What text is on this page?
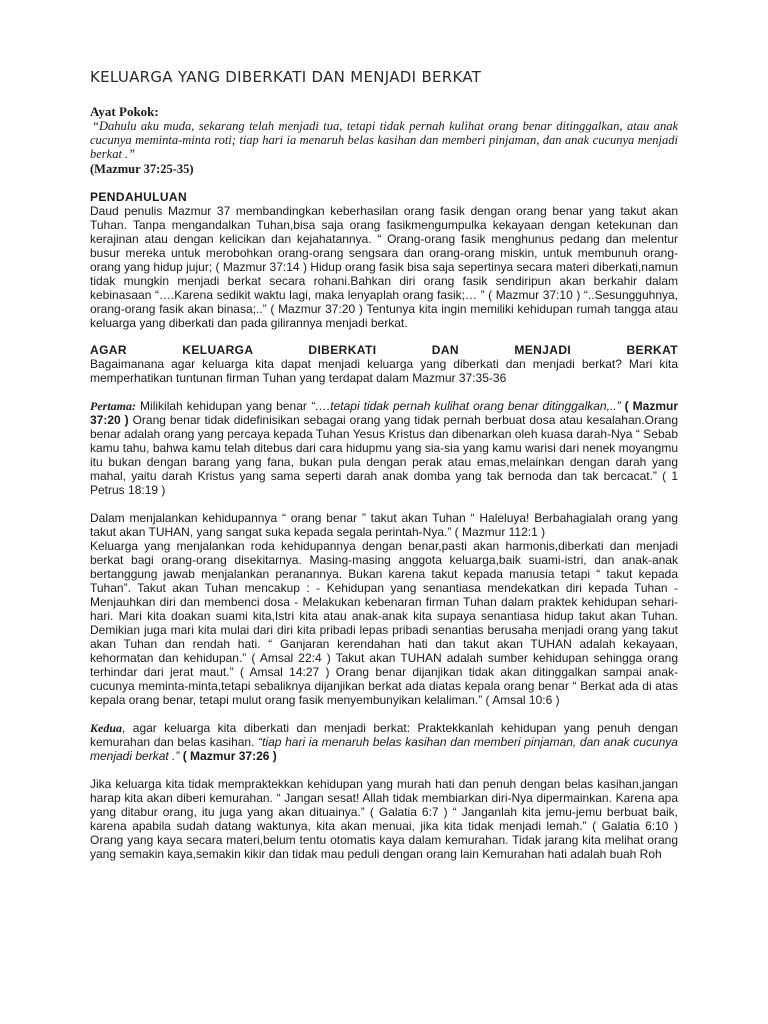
KELUARGA YANG DIBERKATI DAN MENJADI BERKAT

Ayat Pokok:

“Dahulu aku muda, sekarang telah menjadi tua, tetapi tidak pernah kulihat orang benar ditinggalkan, atau anak cucunya meminta-minta roti; tiap hari ia menaruh belas kasihan dan memberi pinjaman, dan anak cucunya menjadi berkat .”

(Mazmur 37:25-35)

PENDAHULUAN

Daud penulis Mazmur 37 membandingkan keberhasilan orang fasik dengan orang benar yang takut akan Tuhan. Tanpa mengandalkan Tuhan,bisa saja orang fasikmengumpulka kekayaan dengan ketekunan dan kerajinan atau dengan kelicikan dan kejahatannya. “ Orang-orang fasik menghunus pedang dan melentur busur mereka untuk merobohkan orang-orang sengsara dan orang-orang miskin, untuk membunuh orang-orang yang hidup jujur; ( Mazmur 37:14 ) Hidup orang fasik bisa saja sepertinya secara materi diberkati,namun tidak mungkin menjadi berkat secara rohani.Bahkan diri orang fasik sendiripun akan berkahir dalam kebinasaan “….Karena sedikit waktu lagi, maka lenyaplah orang fasik;… ” ( Mazmur 37:10 ) “..Sesungguhnya, orang-orang fasik akan binasa;..” ( Mazmur 37:20 ) Tentunya kita ingin memiliki kehidupan rumah tangga atau keluarga yang diberkati dan pada gilirannya menjadi berkat.

AGAR KELUARGA DIBERKATI DAN MENJADI BERKAT

Bagaimanana agar keluarga kita dapat menjadi keluarga yang diberkati dan menjadi berkat? Mari kita memperhatikan tuntunan firman Tuhan yang terdapat dalam Mazmur 37:35-36

Pertama: Milikilah kehidupan yang benar “….tetapi tidak pernah kulihat orang benar ditinggalkan,..” ( Mazmur 37:20 ) Orang benar tidak didefinisikan sebagai orang yang tidak pernah berbuat dosa atau kesalahan.Orang benar adalah orang yang percaya kepada Tuhan Yesus Kristus dan dibenarkan oleh kuasa darah-Nya “ Sebab kamu tahu, bahwa kamu telah ditebus dari cara hidupmu yang sia-sia yang kamu warisi dari nenek moyangmu itu bukan dengan barang yang fana, bukan pula dengan perak atau emas,melainkan dengan darah yang mahal, yaitu darah Kristus yang sama seperti darah anak domba yang tak bernoda dan tak bercacat.” ( 1 Petrus 18:19 )

Dalam menjalankan kehidupannya “ orang benar ” takut akan Tuhan “ Haleluya! Berbahagialah orang yang takut akan TUHAN, yang sangat suka kepada segala perintah-Nya.” ( Mazmur 112:1 )

Keluarga yang menjalankan roda kehidupannya dengan benar,pasti akan harmonis,diberkati dan menjadi berkat bagi orang-orang disekitarnya. Masing-masing anggota keluarga,baik suami-istri, dan anak-anak bertanggung jawab menjalankan peranannya. Bukan karena takut kepada manusia tetapi “ takut kepada Tuhan”. Takut akan Tuhan mencakup : - Kehidupan yang senantiasa mendekatkan diri kepada Tuhan - Menjauhkan diri dan membenci dosa - Melakukan kebenaran firman Tuhan dalam praktek kehidupan sehari-hari. Mari kita doakan suami kita,Istri kita atau anak-anak kita supaya senantiasa hidup takut akan Tuhan. Demikian juga mari kita mulai dari diri kita pribadi lepas pribadi senantias berusaha menjadi orang yang takut akan Tuhan dan rendah hati. “ Ganjaran kerendahan hati dan takut akan TUHAN adalah kekayaan, kehormatan dan kehidupan.” ( Amsal 22:4 ) Takut akan TUHAN adalah sumber kehidupan sehingga orang terhindar dari jerat maut.” ( Amsal 14:27 ) Orang benar dijanjikan tidak akan ditinggalkan sampai anak-cucunya meminta-minta,tetapi sebaliknya dijanjikan berkat ada diatas kepala orang benar “ Berkat ada di atas kepala orang benar, tetapi mulut orang fasik menyembunyikan kelaliman.” ( Amsal 10:6 )

Kedua, agar keluarga kita diberkati dan menjadi berkat: Praktekkanlah kehidupan yang penuh dengan kemurahan dan belas kasihan. “tiap hari ia menaruh belas kasihan dan memberi pinjaman, dan anak cucunya menjadi berkat .” ( Mazmur 37:26 )

Jika keluarga kita tidak mempraktekkan kehidupan yang murah hati dan penuh dengan belas kasihan,jangan harap kita akan diberi kemurahan. “ Jangan sesat! Allah tidak membiarkan diri-Nya dipermainkan. Karena apa yang ditabur orang, itu juga yang akan dituainya.” ( Galatia 6:7 ) “ Janganlah kita jemu-jemu berbuat baik, karena apabila sudah datang waktunya, kita akan menuai, jika kita tidak menjadi lemah.” ( Galatia 6:10 ) Orang yang kaya secara materi,belum tentu otomatis kaya dalam kemurahan. Tidak jarang kita melihat orang yang semakin kaya,semakin kikir dan tidak mau peduli dengan orang lain Kemurahan hati adalah buah Roh
